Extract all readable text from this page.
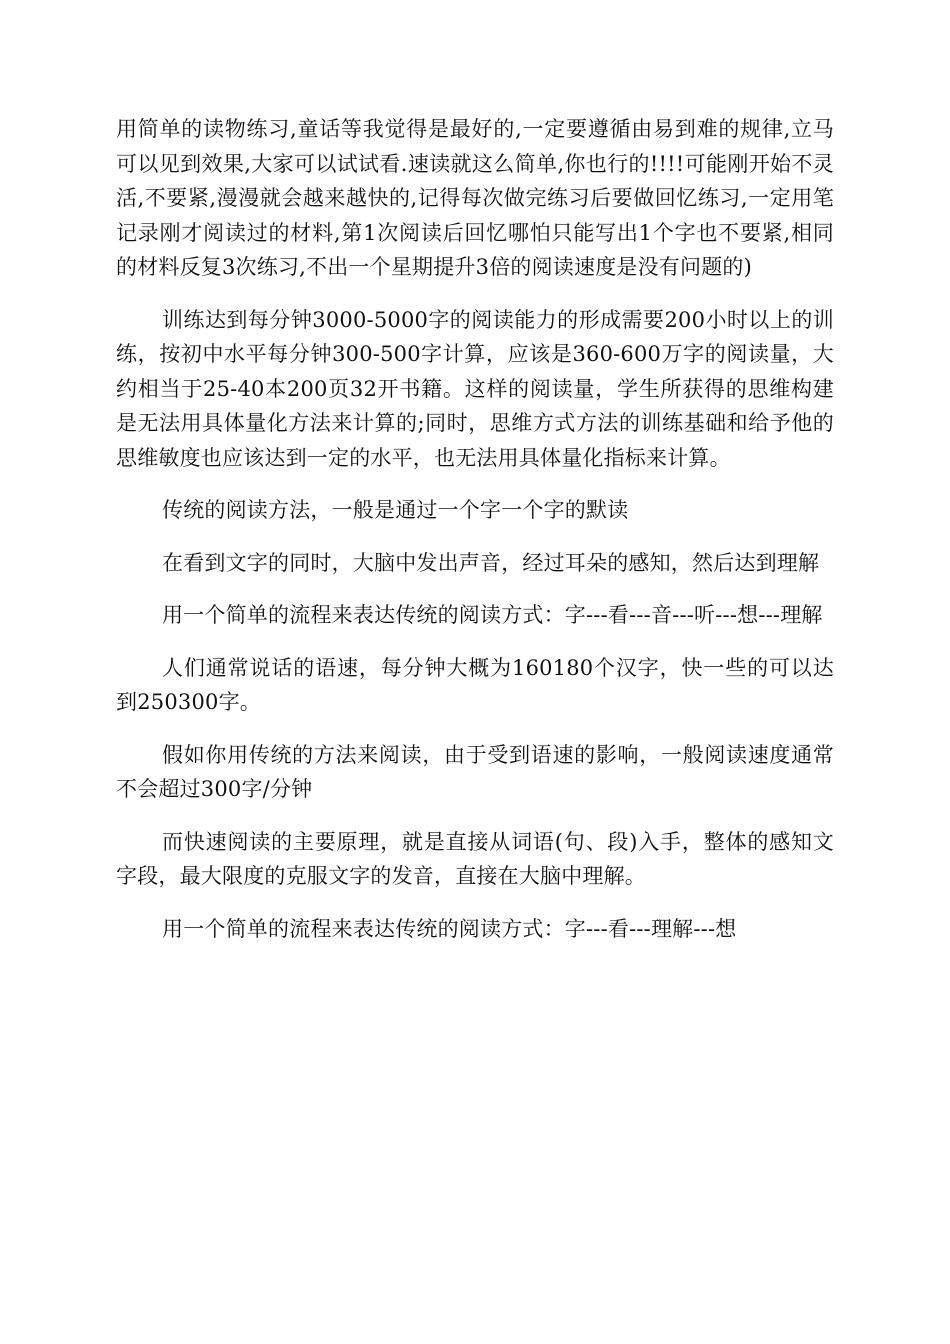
用简单的读物练习,童话等我觉得是最好的,一定要遵循由易到难的规律,立马可以见到效果,大家可以试试看.速读就这么简单,你也行的!!!!可能刚开始不灵活,不要紧,漫漫就会越来越快的,记得每次做完练习后要做回忆练习,一定用笔记录刚才阅读过的材料,第1次阅读后回忆哪怕只能写出1个字也不要紧,相同的材料反复3次练习,不出一个星期提升3倍的阅读速度是没有问题的)

训练达到每分钟3000-5000字的阅读能力的形成需要200小时以上的训练，按初中水平每分钟300-500字计算，应该是360-600万字的阅读量，大约相当于25-40本200页32开书籍。这样的阅读量，学生所获得的思维构建是无法用具体量化方法来计算的;同时，思维方式方法的训练基础和给予他的思维敏度也应该达到一定的水平，也无法用具体量化指标来计算。

传统的阅读方法，一般是通过一个字一个字的默读

在看到文字的同时，大脑中发出声音，经过耳朵的感知，然后达到理解

用一个简单的流程来表达传统的阅读方式：字---看---音---听---想---理解

人们通常说话的语速，每分钟大概为160180个汉字，快一些的可以达到250300字。

假如你用传统的方法来阅读，由于受到语速的影响，一般阅读速度通常不会超过300字/分钟

而快速阅读的主要原理，就是直接从词语(句、段)入手，整体的感知文字段，最大限度的克服文字的发音，直接在大脑中理解。

用一个简单的流程来表达传统的阅读方式：字---看---理解---想
